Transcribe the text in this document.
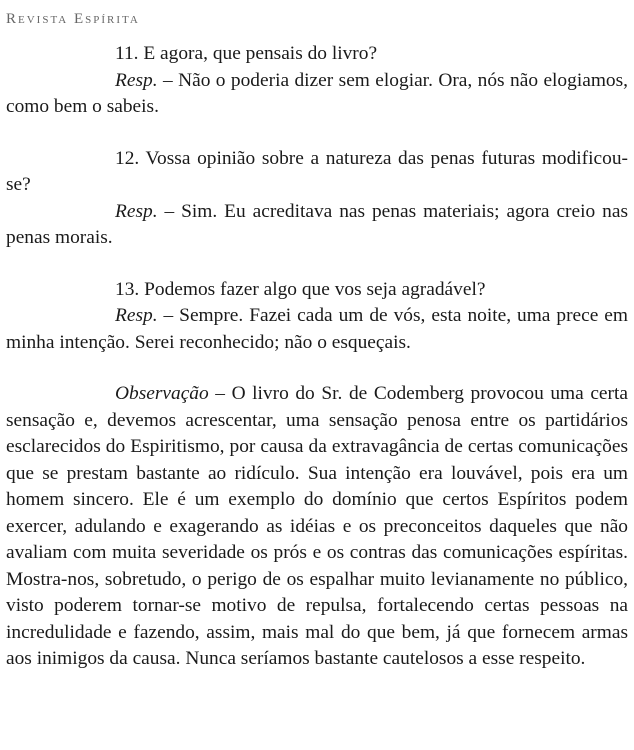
Revista Espírita

11. E agora, que pensais do livro?

Resp. – Não o poderia dizer sem elogiar. Ora, nós não elogiamos, como bem o sabeis.

12. Vossa opinião sobre a natureza das penas futuras modificou-se?

Resp. – Sim. Eu acreditava nas penas materiais; agora creio nas penas morais.

13. Podemos fazer algo que vos seja agradável?

Resp. – Sempre. Fazei cada um de vós, esta noite, uma prece em minha intenção. Serei reconhecido; não o esqueçais.

Observação – O livro do Sr. de Codemberg provocou uma certa sensação e, devemos acrescentar, uma sensação penosa entre os partidários esclarecidos do Espiritismo, por causa da extravagância de certas comunicações que se prestam bastante ao ridículo. Sua intenção era louvável, pois era um homem sincero. Ele é um exemplo do domínio que certos Espíritos podem exercer, adulando e exagerando as idéias e os preconceitos daqueles que não avaliam com muita severidade os prós e os contras das comunicações espíritas. Mostra-nos, sobretudo, o perigo de os espalhar muito levianamente no público, visto poderem tornar-se motivo de repulsa, fortalecendo certas pessoas na incredulidade e fazendo, assim, mais mal do que bem, já que fornecem armas aos inimigos da causa. Nunca seríamos bastante cautelosos a esse respeito.
